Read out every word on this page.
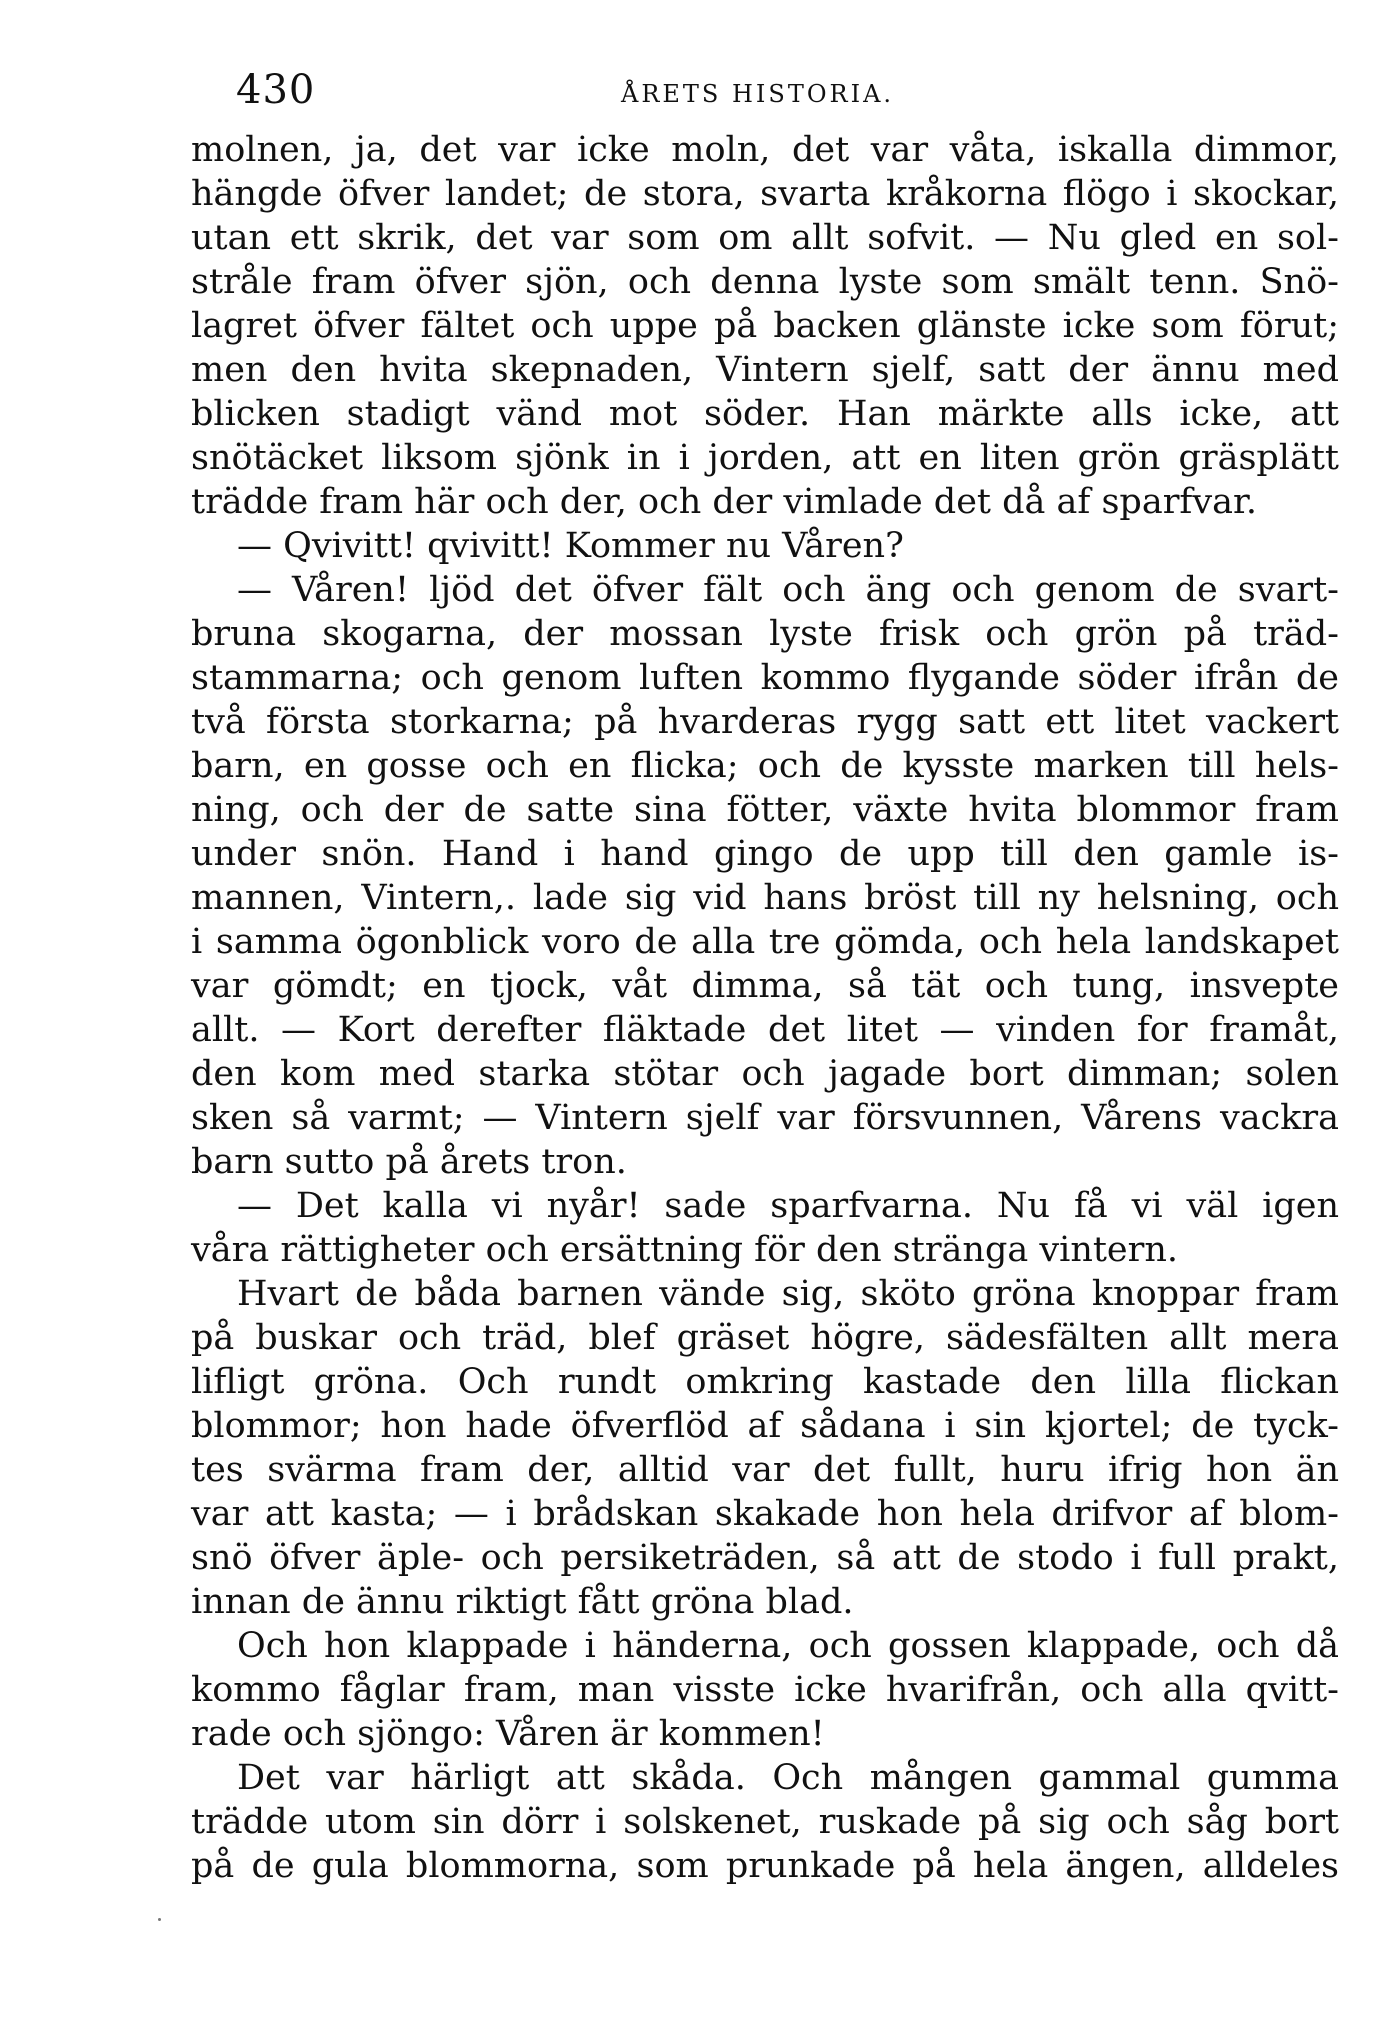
430	ÅRETS HISTORIA.
molnen, ja, det var icke moln, det var våta, iskalla dimmor,
hängde öfver landet; de stora, svarta kråkorna flögo i skockar,
utan ett skrik, det var som om allt sofvit. — Nu gled en sol-
stråle fram öfver sjön, och denna lyste som smält tenn. Snö-
lagret öfver fältet och uppe på backen glänste icke som förut;
men den hvita skepnaden, Vintern sjelf, satt der ännu med
blicken stadigt vänd mot söder. Han märkte alls icke, att
snötäcket liksom sjönk in i jorden, att en liten grön gräsplätt
trädde fram här och der, och der vimlade det då af sparfvar.
— Qvivitt! qvivitt! Kommer nu Våren?
— Våren! ljöd det öfver fält och äng och genom de svart-
bruna skogarna, der mossan lyste frisk och grön på träd-
stammarna; och genom luften kommo flygande söder ifrån de
två första storkarna; på hvarderas rygg satt ett litet vackert
barn, en gosse och en flicka; och de kysste marken till hels-
ning, och der de satte sina fötter, växte hvita blommor fram
under snön. Hand i hand gingo de upp till den gamle is-
mannen, Vintern,. lade sig vid hans bröst till ny helsning, och
i samma ögonblick voro de alla tre gömda, och hela landskapet
var gömdt; en tjock, våt dimma, så tät och tung, insvepte
allt. — Kort derefter fläktade det litet — vinden for framåt,
den kom med starka stötar och jagade bort dimman; solen
sken så varmt; — Vintern sjelf var försvunnen, Vårens vackra
barn sutto på årets tron.
— Det kalla vi nyår! sade sparfvarna. Nu få vi väl igen
våra rättigheter och ersättning för den stränga vintern.
Hvart de båda barnen vände sig, sköto gröna knoppar fram
på buskar och träd, blef gräset högre, sädesfälten allt mera
lifligt gröna. Och rundt omkring kastade den lilla flickan
blommor; hon hade öfverflöd af sådana i sin kjortel; de tyck-
tes svärma fram der, alltid var det fullt, huru ifrig hon än
var att kasta; — i brådskan skakade hon hela drifvor af blom-
snö öfver äple- och persiketräden, så att de stodo i full prakt,
innan de ännu riktigt fått gröna blad.
Och hon klappade i händerna, och gossen klappade, och då
kommo fåglar fram, man visste icke hvarifrån, och alla qvitt-
rade och sjöngo: Våren är kommen!
Det var härligt att skåda. Och mången gammal gumma
trädde utom sin dörr i solskenet, ruskade på sig och såg bort
på de gula blommorna, som prunkade på hela ängen, alldeles
